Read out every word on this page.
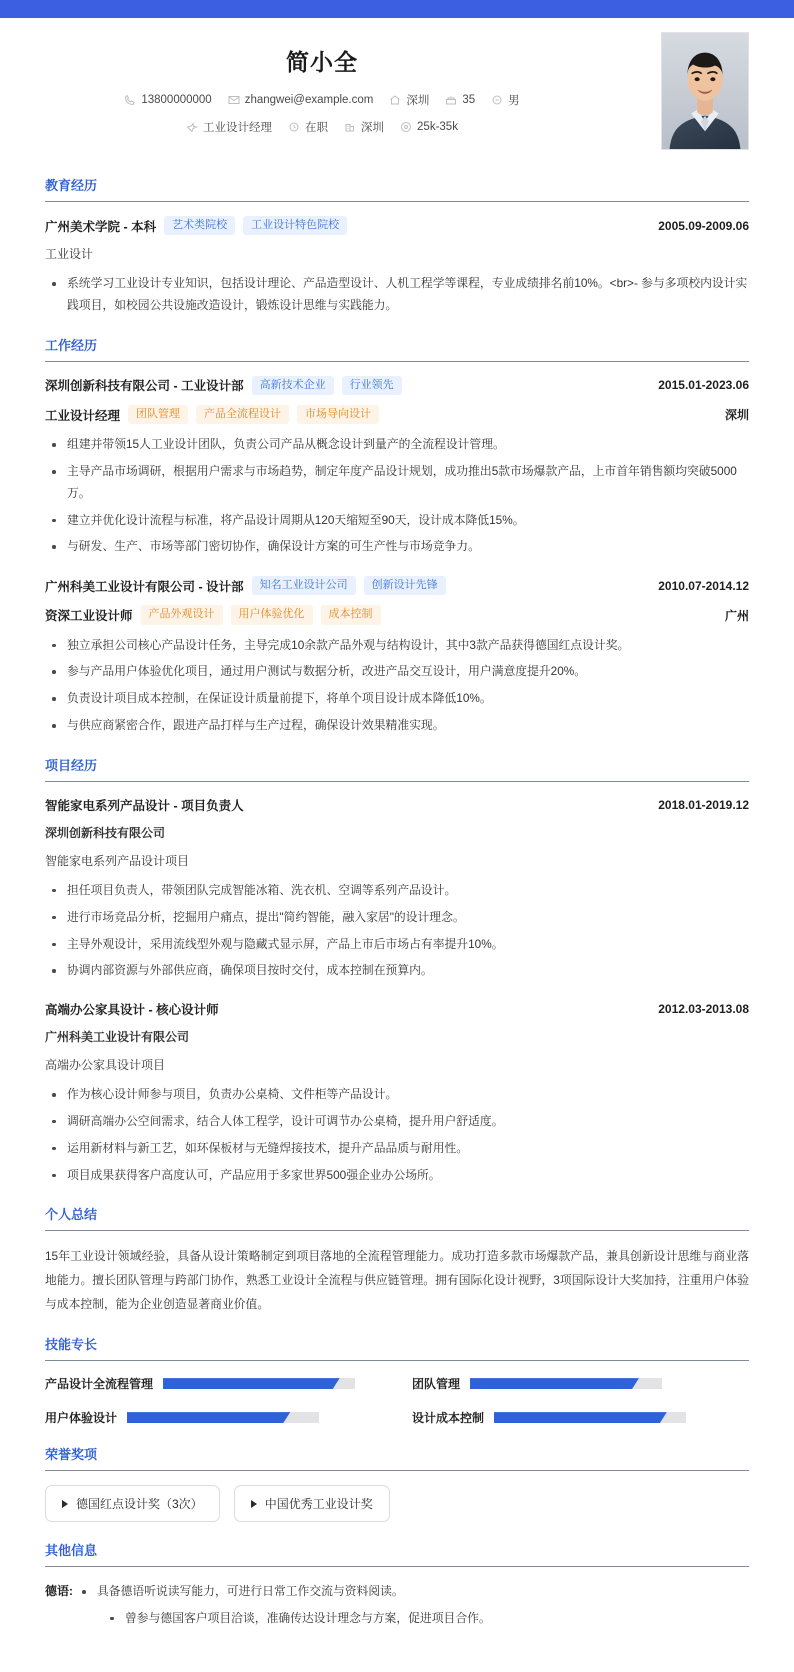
简小全
13800000000	zhangwei@example.com	深圳	35	男
工业设计经理	在职	深圳	25k-35k
教育经历
广州美术学院 - 本科	艺术类院校	工业设计特色院校	2005.09-2009.06
工业设计
系统学习工业设计专业知识，包括设计理论、产品造型设计、人机工程学等课程，专业成绩排名前10%。<br>- 参与多项校内设计实践项目，如校园公共设施改造设计，锻炼设计思维与实践能力。
工作经历
深圳创新科技有限公司 - 工业设计部	高新技术企业	行业领先	2015.01-2023.06
工业设计经理	团队管理	产品全流程设计	市场导向设计	深圳
组建并带领15人工业设计团队，负责公司产品从概念设计到量产的全流程设计管理。
主导产品市场调研，根据用户需求与市场趋势，制定年度产品设计规划，成功推出5款市场爆款产品，上市首年销售额均突破5000万。
建立并优化设计流程与标准，将产品设计周期从120天缩短至90天，设计成本降低15%。
与研发、生产、市场等部门密切协作，确保设计方案的可生产性与市场竞争力。
广州科美工业设计有限公司 - 设计部	知名工业设计公司	创新设计先锋	2010.07-2014.12
资深工业设计师	产品外观设计	用户体验优化	成本控制	广州
独立承担公司核心产品设计任务，主导完成10余款产品外观与结构设计，其中3款产品获得德国红点设计奖。
参与产品用户体验优化项目，通过用户测试与数据分析，改进产品交互设计，用户满意度提升20%。
负责设计项目成本控制，在保证设计质量前提下，将单个项目设计成本降低10%。
与供应商紧密合作，跟进产品打样与生产过程，确保设计效果精准实现。
项目经历
智能家电系列产品设计 - 项目负责人	2018.01-2019.12
深圳创新科技有限公司
智能家电系列产品设计项目
担任项目负责人，带领团队完成智能冰箱、洗衣机、空调等系列产品设计。
进行市场竞品分析，挖掘用户痛点，提出"简约智能，融入家居"的设计理念。
主导外观设计，采用流线型外观与隐藏式显示屏，产品上市后市场占有率提升10%。
协调内部资源与外部供应商，确保项目按时交付，成本控制在预算内。
高端办公家具设计 - 核心设计师	2012.03-2013.08
广州科美工业设计有限公司
高端办公家具设计项目
作为核心设计师参与项目，负责办公桌椅、文件柜等产品设计。
调研高端办公空间需求，结合人体工程学，设计可调节办公桌椅，提升用户舒适度。
运用新材料与新工艺，如环保板材与无缝焊接技术，提升产品品质与耐用性。
项目成果获得客户高度认可，产品应用于多家世界500强企业办公场所。
个人总结
15年工业设计领域经验，具备从设计策略制定到项目落地的全流程管理能力。成功打造多款市场爆款产品，兼具创新设计思维与商业落地能力。擅长团队管理与跨部门协作，熟悉工业设计全流程与供应链管理。拥有国际化设计视野，3项国际设计大奖加持，注重用户体验与成本控制，能为企业创造显著商业价值。
技能专长
产品设计全流程管理	团队管理
用户体验设计	设计成本控制
荣誉奖项
德国红点设计奖（3次）	中国优秀工业设计奖
其他信息
德语:	具备德语听说读写能力，可进行日常工作交流与资料阅读。
曾参与德国客户项目洽谈，准确传达设计理念与方案，促进项目合作。
